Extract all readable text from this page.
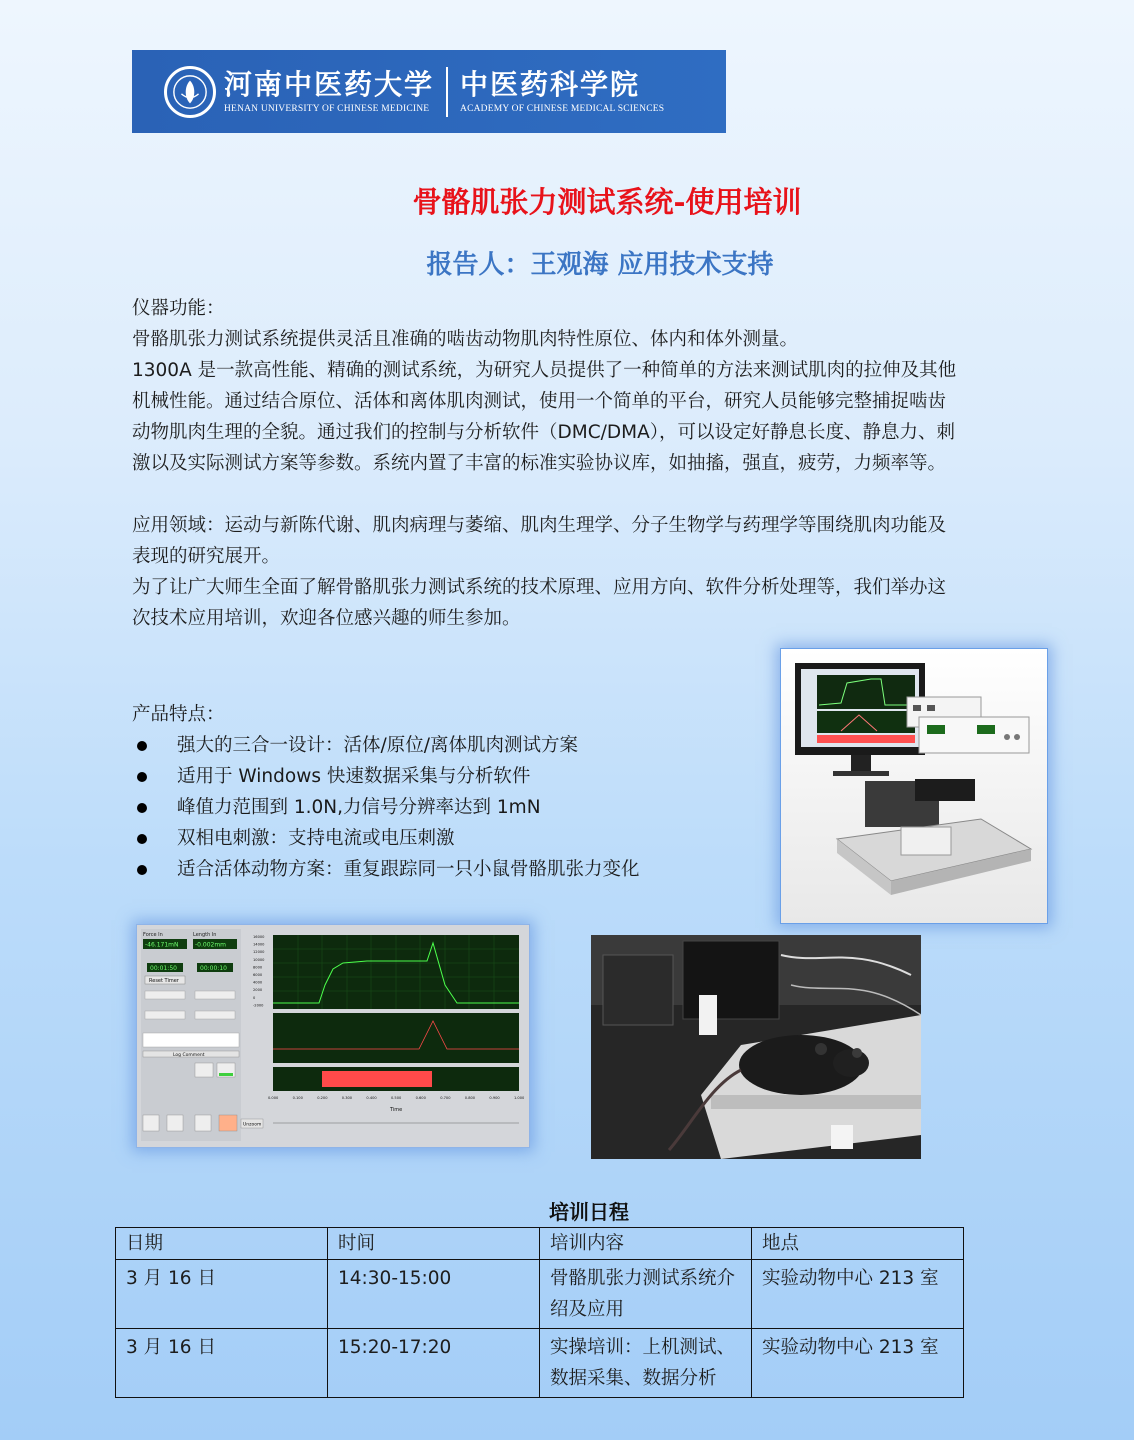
河南中医药大学
HENAN UNIVERSITY OF CHINESE MEDICINE
中医药科学院
ACADEMY OF CHINESE MEDICAL SCIENCES
骨骼肌张力测试系统-使用培训
报告人：王观海 应用技术支持

仪器功能：

骨骼肌张力测试系统提供灵活且准确的啮齿动物肌肉特性原位、体内和体外测量。

1300A 是一款高性能、精确的测试系统，为研究人员提供了一种简单的方法来测试肌肉的拉伸及其他机械性能。通过结合原位、活体和离体肌肉测试，使用一个简单的平台，研究人员能够完整捕捉啮齿动物肌肉生理的全貌。通过我们的控制与分析软件（DMC/DMA），可以设定好静息长度、静息力、刺激以及实际测试方案等参数。系统内置了丰富的标准实验协议库，如抽搐，强直，疲劳，力频率等。

应用领域：运动与新陈代谢、肌肉病理与萎缩、肌肉生理学、分子生物学与药理学等围绕肌肉功能及表现的研究展开。

为了让广大师生全面了解骨骼肌张力测试系统的技术原理、应用方向、软件分析处理等，我们举办这次技术应用培训，欢迎各位感兴趣的师生参加。

产品特点：

强大的三合一设计：活体/原位/离体肌肉测试方案
适用于 Windows 快速数据采集与分析软件
峰值力范围到 1.0N,力信号分辨率达到 1mN
双相电刺激：支持电流或电压刺激
适合活体动物方案：重复跟踪同一只小鼠骨骼肌张力变化
Force In	Length In
-46.171mN	-0.002mm
00:01:50	00:00:10
Reset Timer
Log Comment
Time
0.000	0.100	0.200	0.300	0.400	0.500	0.600	0.700	0.800	0.900	1.000
16000
14000
12000
10000
8000
6000
4000
2000
0
-2000
Unzoom
培训日程
日期	时间	培训内容	地点
3 月 16 日	14:30-15:00	骨骼肌张力测试系统介绍及应用	实验动物中心 213 室
3 月 16 日	15:20-17:20	实操培训：上机测试、数据采集、数据分析	实验动物中心 213 室
